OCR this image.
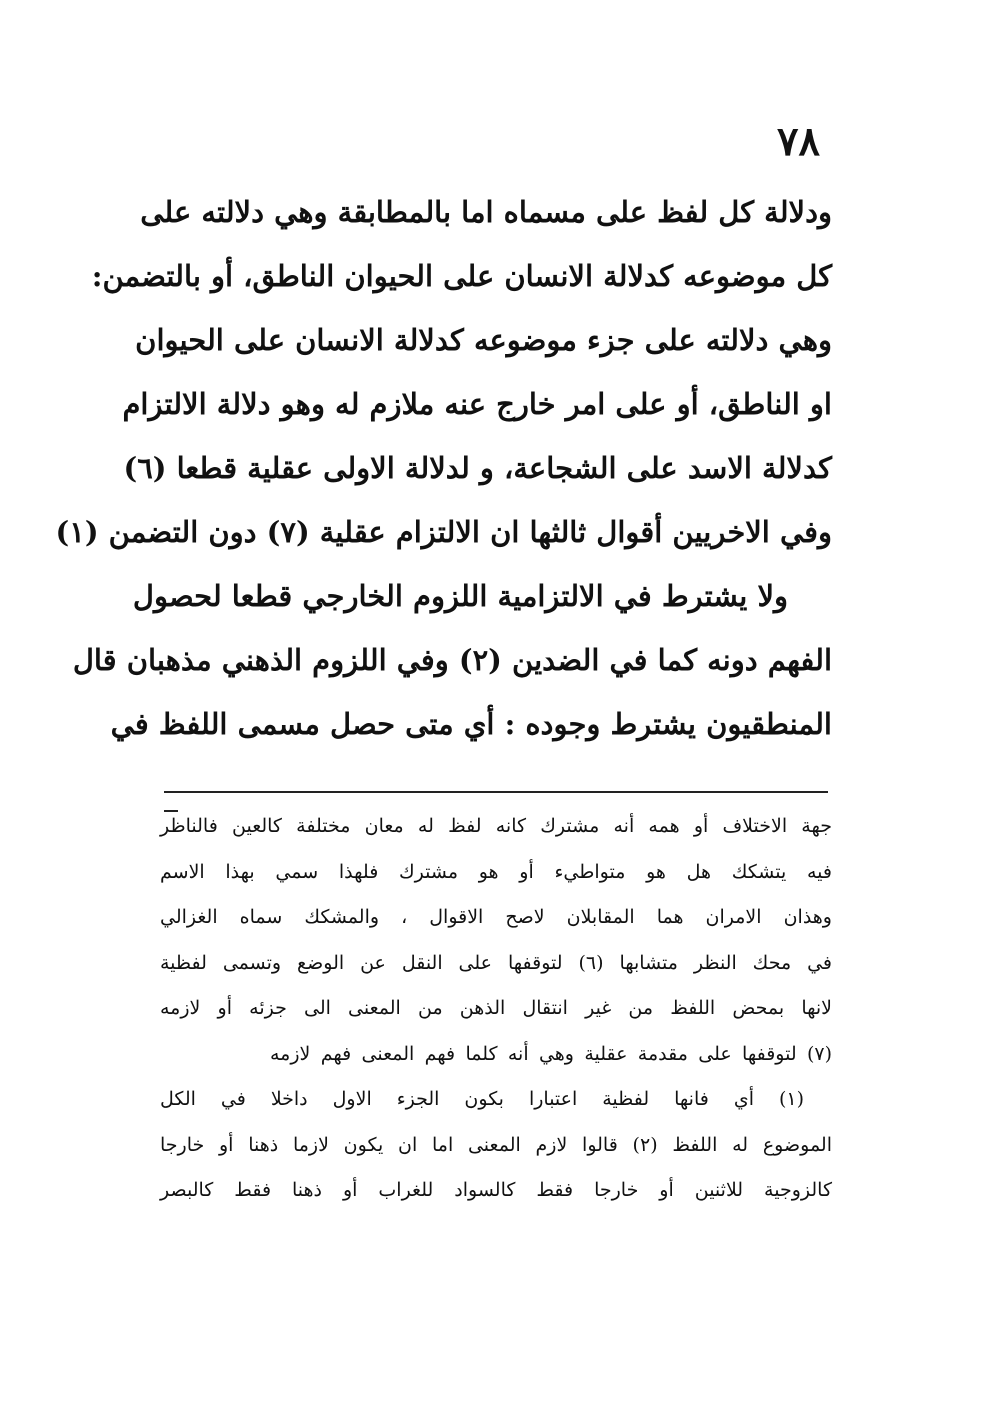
٧٨
ودلالة كل لفظ على مسماه اما بالمطابقة وهي دلالته على
كل موضوعه كدلالة الانسان على الحيوان الناطق، أو بالتضمن:
وهي دلالته على جزء موضوعه كدلالة الانسان على الحيوان
او الناطق، أو على امر خارج عنه ملازم له وهو دلالة الالتزام
كدلالة الاسد على الشجاعة، و لدلالة الاولى عقلية قطعا (٦)
وفي الاخريين أقوال ثالثها ان الالتزام عقلية (٧) دون التضمن (١)
ولا يشترط في الالتزامية اللزوم الخارجي قطعا لحصول
الفهم دونه كما في الضدين (٢) وفي اللزوم الذهني مذهبان قال
المنطقيون يشترط وجوده : أي متى حصل مسمى اللفظ في
جهة الاختلاف أو همه أنه مشترك كانه لفظ له معان مختلفة كالعين فالناظر
فيه يتشكك هل هو متواطيء أو هو مشترك فلهذا سمي بهذا الاسم
وهذان الامران هما المقابلان لاصح الاقوال ، والمشكك سماه الغزالي
في محك النظر متشابها (٦) لتوقفها على النقل عن الوضع وتسمى لفظية
لانها بمحض اللفظ من غير انتقال الذهن من المعنى الى جزئه أو لازمه
(٧) لتوقفها على مقدمة عقلية وهي أنه كلما فهم المعنى فهم لازمه
(١) أي فانها لفظية اعتبارا بكون الجزء الاول داخلا في الكل
الموضوع له اللفظ (٢) قالوا لازم المعنى اما ان يكون لازما ذهنا أو خارجا
كالزوجية للاثنين أو خارجا فقط كالسواد للغراب أو ذهنا فقط كالبصر
